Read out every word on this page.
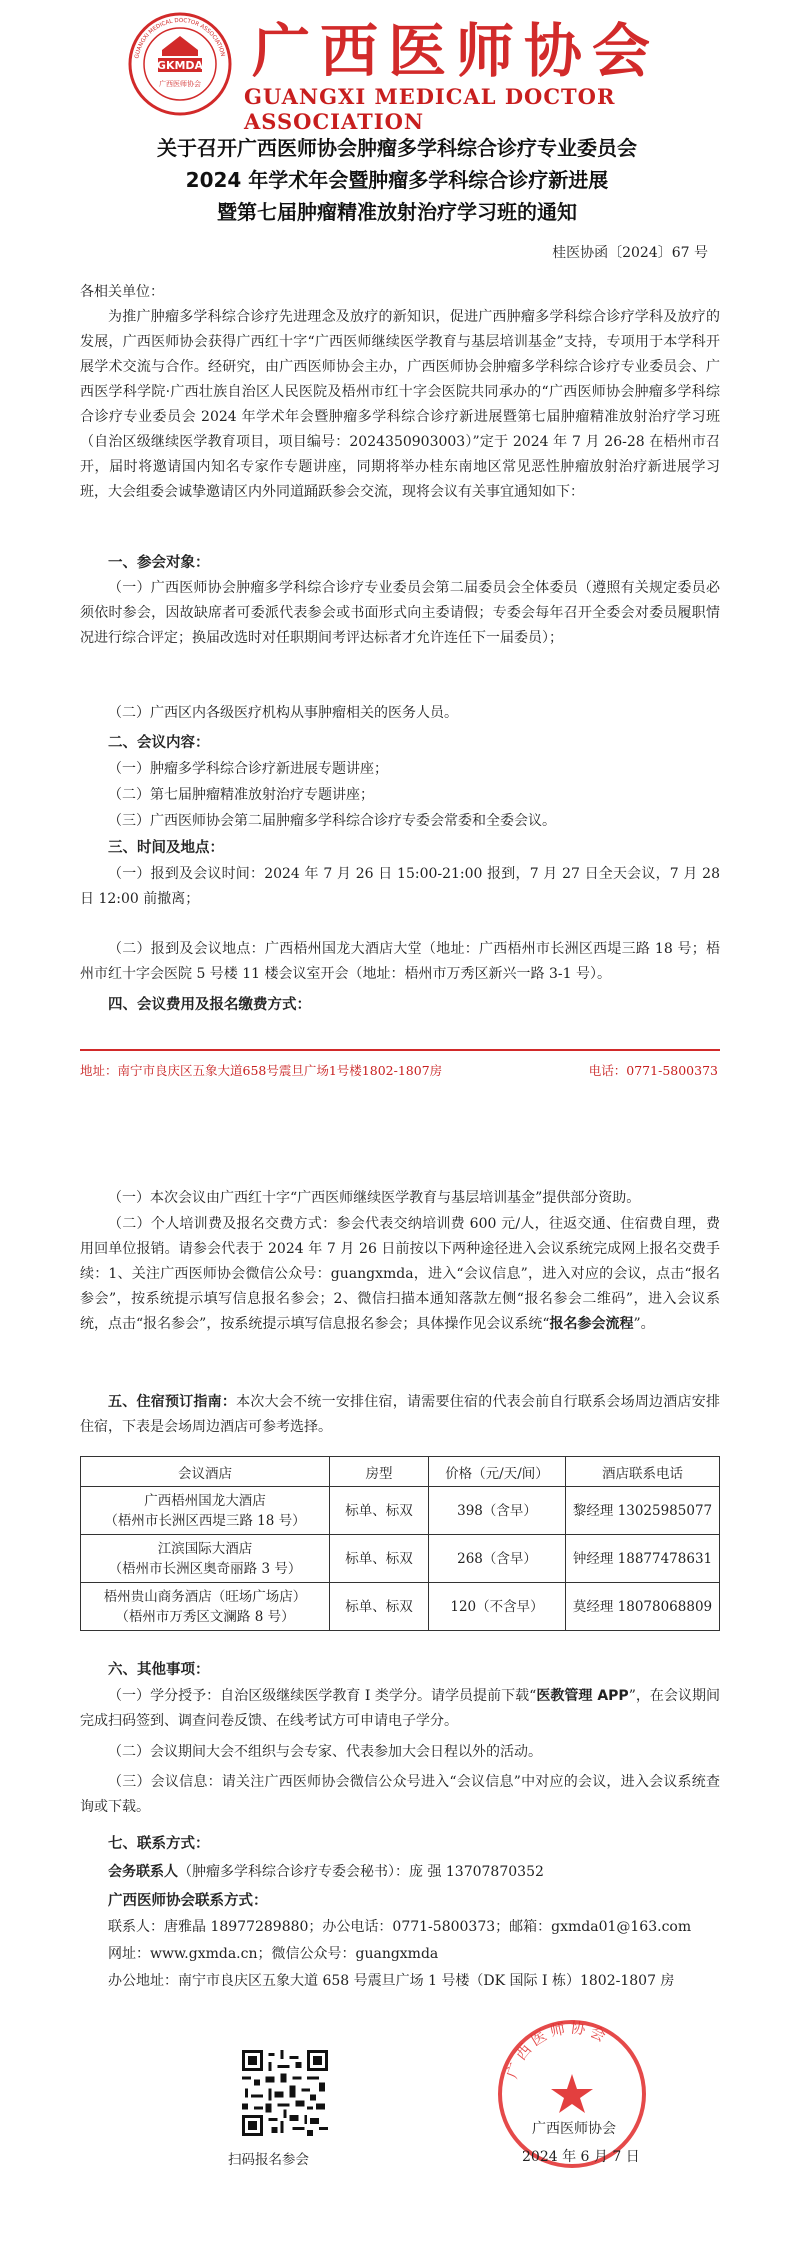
GKMDA
广西医师协会
GUANGXI MEDICAL DOCTOR ASSOCIATION 广西医师协会
GUANGXI MEDICAL DOCTOR ASSOCIATION
关于召开广西医师协会肿瘤多学科综合诊疗专业委员会
2024 年学术年会暨肿瘤多学科综合诊疗新进展
暨第七届肿瘤精准放射治疗学习班的通知
桂医协函〔2024〕67 号
各相关单位：
为推广肿瘤多学科综合诊疗先进理念及放疗的新知识，促进广西肿瘤多学科综合诊疗学科及放疗的发展，广西医师协会获得广西红十字“广西医师继续医学教育与基层培训基金”支持，专项用于本学科开展学术交流与合作。经研究，由广西医师协会主办，广西医师协会肿瘤多学科综合诊疗专业委员会、广西医学科学院·广西壮族自治区人民医院及梧州市红十字会医院共同承办的“广西医师协会肿瘤多学科综合诊疗专业委员会 2024 年学术年会暨肿瘤多学科综合诊疗新进展暨第七届肿瘤精准放射治疗学习班（自治区级继续医学教育项目，项目编号：2024350903003）”定于 2024 年 7 月 26-28 在梧州市召开，届时将邀请国内知名专家作专题讲座，同期将举办桂东南地区常见恶性肿瘤放射治疗新进展学习班，大会组委会诚挚邀请区内外同道踊跃参会交流，现将会议有关事宜通知如下：
一、参会对象：
（一）广西医师协会肿瘤多学科综合诊疗专业委员会第二届委员会全体委员（遵照有关规定委员必须依时参会，因故缺席者可委派代表参会或书面形式向主委请假；专委会每年召开全委会对委员履职情况进行综合评定；换届改选时对任职期间考评达标者才允许连任下一届委员）；
（二）广西区内各级医疗机构从事肿瘤相关的医务人员。
二、会议内容：
（一）肿瘤多学科综合诊疗新进展专题讲座；
（二）第七届肿瘤精准放射治疗专题讲座；
（三）广西医师协会第二届肿瘤多学科综合诊疗专委会常委和全委会议。
三、时间及地点：
（一）报到及会议时间：2024 年 7 月 26 日 15:00-21:00 报到，7 月 27 日全天会议，7 月 28 日 12:00 前撤离；
（二）报到及会议地点：广西梧州国龙大酒店大堂（地址：广西梧州市长洲区西堤三路 18 号；梧州市红十字会医院 5 号楼 11 楼会议室开会（地址：梧州市万秀区新兴一路 3-1 号）。
四、会议费用及报名缴费方式：
地址：南宁市良庆区五象大道658号震旦广场1号楼1802-1807房	电话：0771-5800373
（一）本次会议由广西红十字“广西医师继续医学教育与基层培训基金”提供部分资助。
（二）个人培训费及报名交费方式：参会代表交纳培训费 600 元/人，往返交通、住宿费自理，费用回单位报销。请参会代表于 2024 年 7 月 26 日前按以下两种途径进入会议系统完成网上报名交费手续：1、关注广西医师协会微信公众号：guangxmda，进入“会议信息”，进入对应的会议，点击“报名参会”，按系统提示填写信息报名参会；2、微信扫描本通知落款左侧“报名参会二维码”，进入会议系统，点击“报名参会”，按系统提示填写信息报名参会；具体操作见会议系统“报名参会流程”。
五、住宿预订指南：本次大会不统一安排住宿，请需要住宿的代表会前自行联系会场周边酒店安排住宿，下表是会场周边酒店可参考选择。
会议酒店	房型	价格（元/天/间）	酒店联系电话

广西梧州国龙大酒店
（梧州市长洲区西堤三路 18 号）	标单、标双	398（含早）	黎经理 13025985077

江滨国际大酒店
（梧州市长洲区奥奇丽路 3 号）	标单、标双	268（含早）	钟经理 18877478631

梧州贵山商务酒店（旺场广场店）
（梧州市万秀区文澜路 8 号）	标单、标双	120（不含早）	莫经理 18078068809
六、其他事项：
（一）学分授予：自治区级继续医学教育 I 类学分。请学员提前下载“医教管理 APP”，在会议期间完成扫码签到、调查问卷反馈、在线考试方可申请电子学分。
（二）会议期间大会不组织与会专家、代表参加大会日程以外的活动。
（三）会议信息：请关注广西医师协会微信公众号进入“会议信息”中对应的会议，进入会议系统查询或下载。
七、联系方式：
会务联系人（肿瘤多学科综合诊疗专委会秘书）：庞 强 13707870352
广西医师协会联系方式：
联系人：唐雅晶 18977289880；办公电话：0771-5800373；邮箱：gxmda01@163.com
网址：www.gxmda.cn；微信公众号：guangxmda
办公地址：南宁市良庆区五象大道 658 号震旦广场 1 号楼（DK 国际 I 栋）1802-1807 房
扫码报名参会
广西医师协会
广西医师协会
2024 年 6 月 7 日
